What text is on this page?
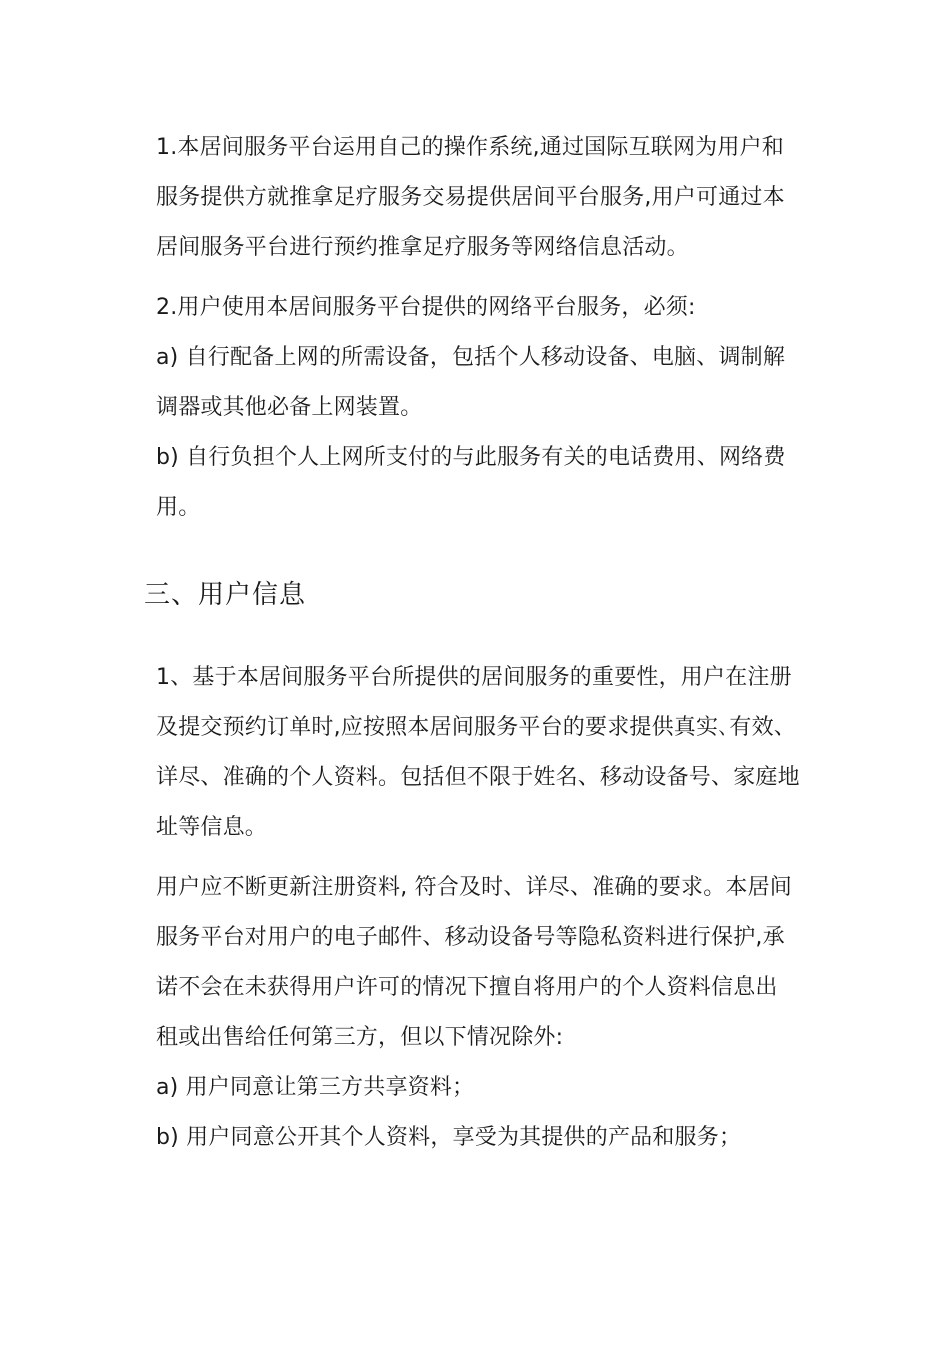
1.本居间服务平台运用自己的操作系统,通过国际互联网为用户和
服务提供方就推拿足疗服务交易提供居间平台服务,用户可通过本
居间服务平台进行预约推拿足疗服务等网络信息活动。
2.用户使用本居间服务平台提供的网络平台服务，必须:
a) 自行配备上网的所需设备，包括个人移动设备、电脑、调制解
调器或其他必备上网装置。
b) 自行负担个人上网所支付的与此服务有关的电话费用、网络费
用。
三、用户信息
1、基于本居间服务平台所提供的居间服务的重要性，用户在注册
及提交预约订单时,应按照本居间服务平台的要求提供真实､有效、
详尽、准确的个人资料。包括但不限于姓名、移动设备号、家庭地
址等信息。
用户应不断更新注册资料, 符合及时、详尽、准确的要求。本居间
服务平台对用户的电子邮件、移动设备号等隐私资料进行保护,承
诺不会在未获得用户许可的情况下擅自将用户的个人资料信息出
租或出售给任何第三方，但以下情况除外:
a) 用户同意让第三方共享资料；
b) 用户同意公开其个人资料，享受为其提供的产品和服务；
